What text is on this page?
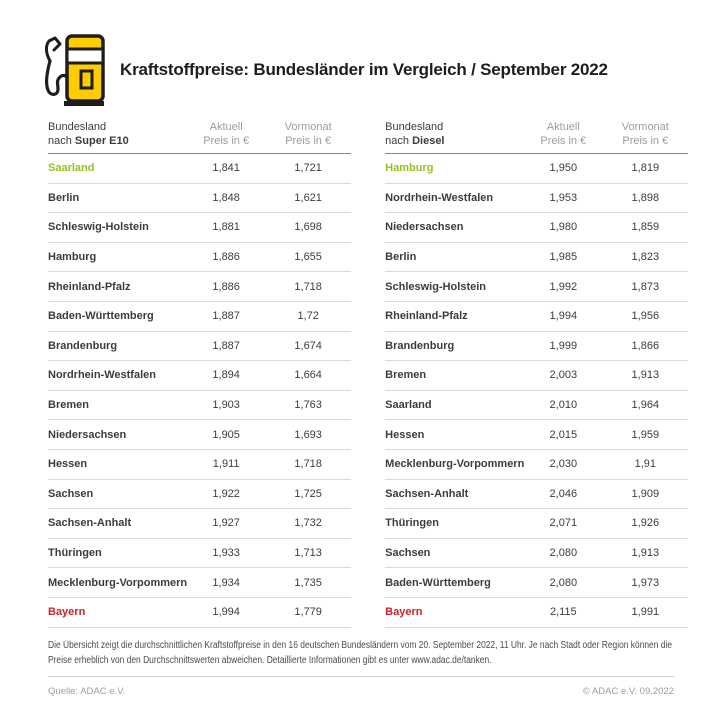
Kraftstoffpreise: Bundesländer im Vergleich / September 2022
Bundesland
nach Super E10
Aktuell
Preis in €
Vormonat
Preis in €
Saarland	1,841	1,721
Berlin	1,848	1,621
Schleswig-Holstein	1,881	1,698
Hamburg	1,886	1,655
Rheinland-Pfalz	1,886	1,718
Baden-Württemberg	1,887	1,72
Brandenburg	1,887	1,674
Nordrhein-Westfalen	1,894	1,664
Bremen	1,903	1,763
Niedersachsen	1,905	1,693
Hessen	1,911	1,718
Sachsen	1,922	1,725
Sachsen-Anhalt	1,927	1,732
Thüringen	1,933	1,713
Mecklenburg-Vorpommern	1,934	1,735
Bayern	1,994	1,779
Bundesland
nach Diesel
Aktuell
Preis in €
Vormonat
Preis in €
Hamburg	1,950	1,819
Nordrhein-Westfalen	1,953	1,898
Niedersachsen	1,980	1,859
Berlin	1,985	1,823
Schleswig-Holstein	1,992	1,873
Rheinland-Pfalz	1,994	1,956
Brandenburg	1,999	1,866
Bremen	2,003	1,913
Saarland	2,010	1,964
Hessen	2,015	1,959
Mecklenburg-Vorpommern	2,030	1,91
Sachsen-Anhalt	2,046	1,909
Thüringen	2,071	1,926
Sachsen	2,080	1,913
Baden-Württemberg	2,080	1,973
Bayern	2,115	1,991

Die Übersicht zeigt die durchschnittlichen Kraftstoffpreise in den 16 deutschen Bundesländern vom 20. September 2022, 11 Uhr. Je nach Stadt oder Region können die
Preise erheblich von den Durchschnittswerten abweichen. Detaillierte Informationen gibt es unter www.adac.de/tanken.

Quelle: ADAC e.V.	© ADAC e.V. 09.2022
